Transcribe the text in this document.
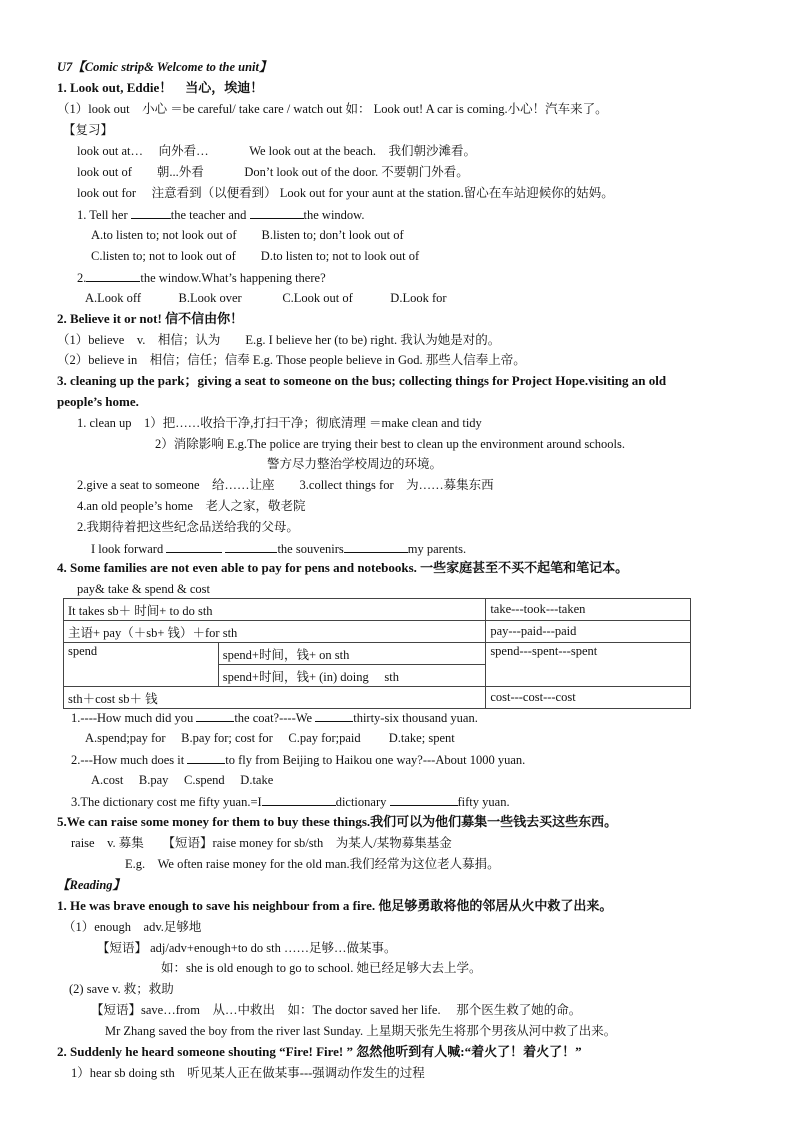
U7【Comic strip& Welcome to the unit】
1. Look out, Eddie！　当心，埃迪！
（1）look out　小心 ＝be careful/ take care / watch out 如： Look out! A car is coming.小心！汽车来了。
【复习】
look out at…　 向外看…　　　 We look out at the beach.　我们朝沙滩看。
look out of　　朝...外看　　　 Don’t look out of the door. 不要朝门外看。
look out for　 注意看到（以便看到） Look out for your aunt at the station.留心在车站迎候你的姑妈。
1. Tell her	the teacher and	the window.
A.to listen to; not look out of　　B.listen to; don’t look out of
C.listen to; not to look out of　　D.to listen to; not to look out of
2.	the window.What’s happening there?
A.Look off　　　B.Look over　　　 C.Look out of　　　D.Look for
2. Believe it or not! 信不信由你！
（1）believe　v.　相信；认为　　E.g. I believe her (to be) right. 我认为她是对的。
（2）believe in　相信；信任；信奉 E.g. Those people believe in God. 那些人信奉上帝。
3. cleaning up the park；giving a seat to someone on the bus; collecting things for Project Hope.visiting an old
people’s home.
1. clean up　1）把……收拾干净,打扫干净；彻底清理 ＝make clean and tidy
2）消除影响 E.g.The police are trying their best to clean up the environment around schools.
警方尽力整治学校周边的环境。
2.give a seat to someone　给……让座　　3.collect things for　为……募集东西
4.an old people’s home　老人之家，敬老院
2.我期待着把这些纪念品送给我的父母。
I look forward	the souvenirs	my parents.
4. Some families are not even able to pay for pens and notebooks. 一些家庭甚至不买不起笔和笔记本。
pay& take & spend & cost
It takes sb＋ 时间+ to do sth		take---took---taken
主语+ pay（＋sb+ 钱）＋for sth		pay---paid---paid
spend	spend+时间，钱+ on sth	spend---spent---spent
	spend+时间，钱+ (in) doing　 sth	
sth＋cost sb＋ 钱		cost---cost---cost
1.----How much did you	the coat?----We	thirty-six thousand yuan.
A.spend;pay for　 B.pay for; cost for　 C.pay for;paid　　 D.take; spent
2.---How much does it	to fly from Beijing to Haikou one way?---About 1000 yuan.
A.cost　 B.pay　 C.spend　 D.take
3.The dictionary cost me fifty yuan.=I	dictionary	fifty yuan.
5.We can raise some money for them to buy these things.我们可以为他们募集一些钱去买这些东西。
raise　v. 募集　　【短语】raise money for sb/sth　为某人/某物募集基金
E.g.　We often raise money for the old man.我们经常为这位老人募捐。
【Reading】
1. He was brave enough to save his neighbour from a fire. 他足够勇敢将他的邻居从火中救了出来。
（1）enough　adv.足够地
【短语】 adj/adv+enough+to do sth ……足够…做某事。
如：she is old enough to go to school. 她已经足够大去上学。
(2) save v. 救；救助
【短语】save…from　从…中救出　如：The doctor saved her life.　 那个医生救了她的命。
Mr Zhang saved the boy from the river last Sunday. 上星期天张先生将那个男孩从河中救了出来。
2. Suddenly he heard someone shouting “Fire! Fire! ” 忽然他听到有人喊:“着火了！着火了！”
1）hear sb doing sth　听见某人正在做某事---强调动作发生的过程
